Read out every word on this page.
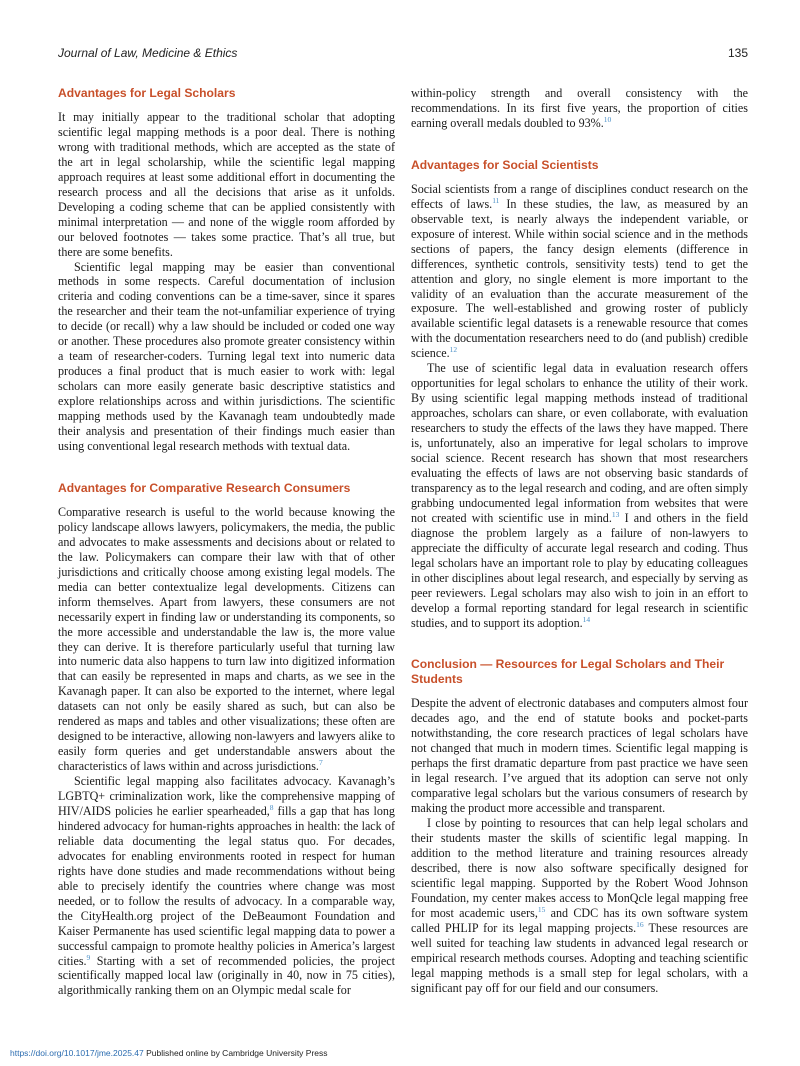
Journal of Law, Medicine & Ethics	135
Advantages for Legal Scholars

It may initially appear to the traditional scholar that adopting scientific legal mapping methods is a poor deal. There is nothing wrong with traditional methods, which are accepted as the state of the art in legal scholarship, while the scientific legal mapping approach requires at least some additional effort in documenting the research process and all the decisions that arise as it unfolds. Developing a coding scheme that can be applied consistently with minimal interpretation — and none of the wiggle room afforded by our beloved footnotes — takes some practice. That’s all true, but there are some benefits.

Scientific legal mapping may be easier than conventional methods in some respects. Careful documentation of inclusion criteria and coding conventions can be a time-saver, since it spares the researcher and their team the not-unfamiliar experience of trying to decide (or recall) why a law should be included or coded one way or another. These procedures also promote greater consistency within a team of researcher-coders. Turning legal text into numeric data produces a final product that is much easier to work with: legal scholars can more easily generate basic descriptive statistics and explore relationships across and within jurisdictions. The scientific mapping methods used by the Kavanagh team undoubtedly made their analysis and presentation of their findings much easier than using conventional legal research methods with textual data.

Advantages for Comparative Research Consumers

Comparative research is useful to the world because knowing the policy landscape allows lawyers, policymakers, the media, the public and advocates to make assessments and decisions about or related to the law. Policymakers can compare their law with that of other jurisdictions and critically choose among existing legal models. The media can better contextualize legal developments. Citizens can inform themselves. Apart from lawyers, these consumers are not necessarily expert in finding law or understanding its components, so the more accessible and understandable the law is, the more value they can derive. It is therefore particularly useful that turning law into numeric data also happens to turn law into digitized information that can easily be represented in maps and charts, as we see in the Kavanagh paper. It can also be exported to the internet, where legal datasets can not only be easily shared as such, but can also be rendered as maps and tables and other visualizations; these often are designed to be interactive, allowing non-lawyers and lawyers alike to easily form queries and get understandable answers about the characteristics of laws within and across jurisdictions.$^7$

Scientific legal mapping also facilitates advocacy. Kavanagh’s LGBTQ+ criminalization work, like the comprehensive mapping of HIV/AIDS policies he earlier spearheaded,$^8$ fills a gap that has long hindered advocacy for human-rights approaches in health: the lack of reliable data documenting the legal status quo. For decades, advocates for enabling environments rooted in respect for human rights have done studies and made recommendations without being able to precisely identify the countries where change was most needed, or to follow the results of advocacy. In a comparable way, the CityHealth.org project of the DeBeaumont Foundation and Kaiser Permanente has used scientific legal mapping data to power a successful campaign to promote healthy policies in America’s largest cities.$^9$ Starting with a set of recommended policies, the project scientifically mapped local law (originally in 40, now in 75 cities), algorithmically ranking them on an Olympic medal scale for

within-policy strength and overall consistency with the recommendations. In its first five years, the proportion of cities earning overall medals doubled to 93%.$^{10}$

Advantages for Social Scientists

Social scientists from a range of disciplines conduct research on the effects of laws.$^{11}$ In these studies, the law, as measured by an observable text, is nearly always the independent variable, or exposure of interest. While within social science and in the methods sections of papers, the fancy design elements (difference in differences, synthetic controls, sensitivity tests) tend to get the attention and glory, no single element is more important to the validity of an evaluation than the accurate measurement of the exposure. The well-established and growing roster of publicly available scientific legal datasets is a renewable resource that comes with the documentation researchers need to do (and publish) credible science.$^{12}$

The use of scientific legal data in evaluation research offers opportunities for legal scholars to enhance the utility of their work. By using scientific legal mapping methods instead of traditional approaches, scholars can share, or even collaborate, with evaluation researchers to study the effects of the laws they have mapped. There is, unfortunately, also an imperative for legal scholars to improve social science. Recent research has shown that most researchers evaluating the effects of laws are not observing basic standards of transparency as to the legal research and coding, and are often simply grabbing undocumented legal information from websites that were not created with scientific use in mind.$^{13}$ I and others in the field diagnose the problem largely as a failure of non-lawyers to appreciate the difficulty of accurate legal research and coding. Thus legal scholars have an important role to play by educating colleagues in other disciplines about legal research, and especially by serving as peer reviewers. Legal scholars may also wish to join in an effort to develop a formal reporting standard for legal research in scientific studies, and to support its adoption.$^{14}$

Conclusion — Resources for Legal Scholars and Their Students

Despite the advent of electronic databases and computers almost four decades ago, and the end of statute books and pocket-parts notwithstanding, the core research practices of legal scholars have not changed that much in modern times. Scientific legal mapping is perhaps the first dramatic departure from past practice we have seen in legal research. I’ve argued that its adoption can serve not only comparative legal scholars but the various consumers of research by making the product more accessible and transparent.

I close by pointing to resources that can help legal scholars and their students master the skills of scientific legal mapping. In addition to the method literature and training resources already described, there is now also software specifically designed for scientific legal mapping. Supported by the Robert Wood Johnson Foundation, my center makes access to MonQcle legal mapping free for most academic users,$^{15}$ and CDC has its own software system called PHLIP for its legal mapping projects.$^{16}$ These resources are well suited for teaching law students in advanced legal research or empirical research methods courses. Adopting and teaching scientific legal mapping methods is a small step for legal scholars, with a significant pay off for our field and our consumers.

https://doi.org/10.1017/jme.2025.47 Published online by Cambridge University Press
